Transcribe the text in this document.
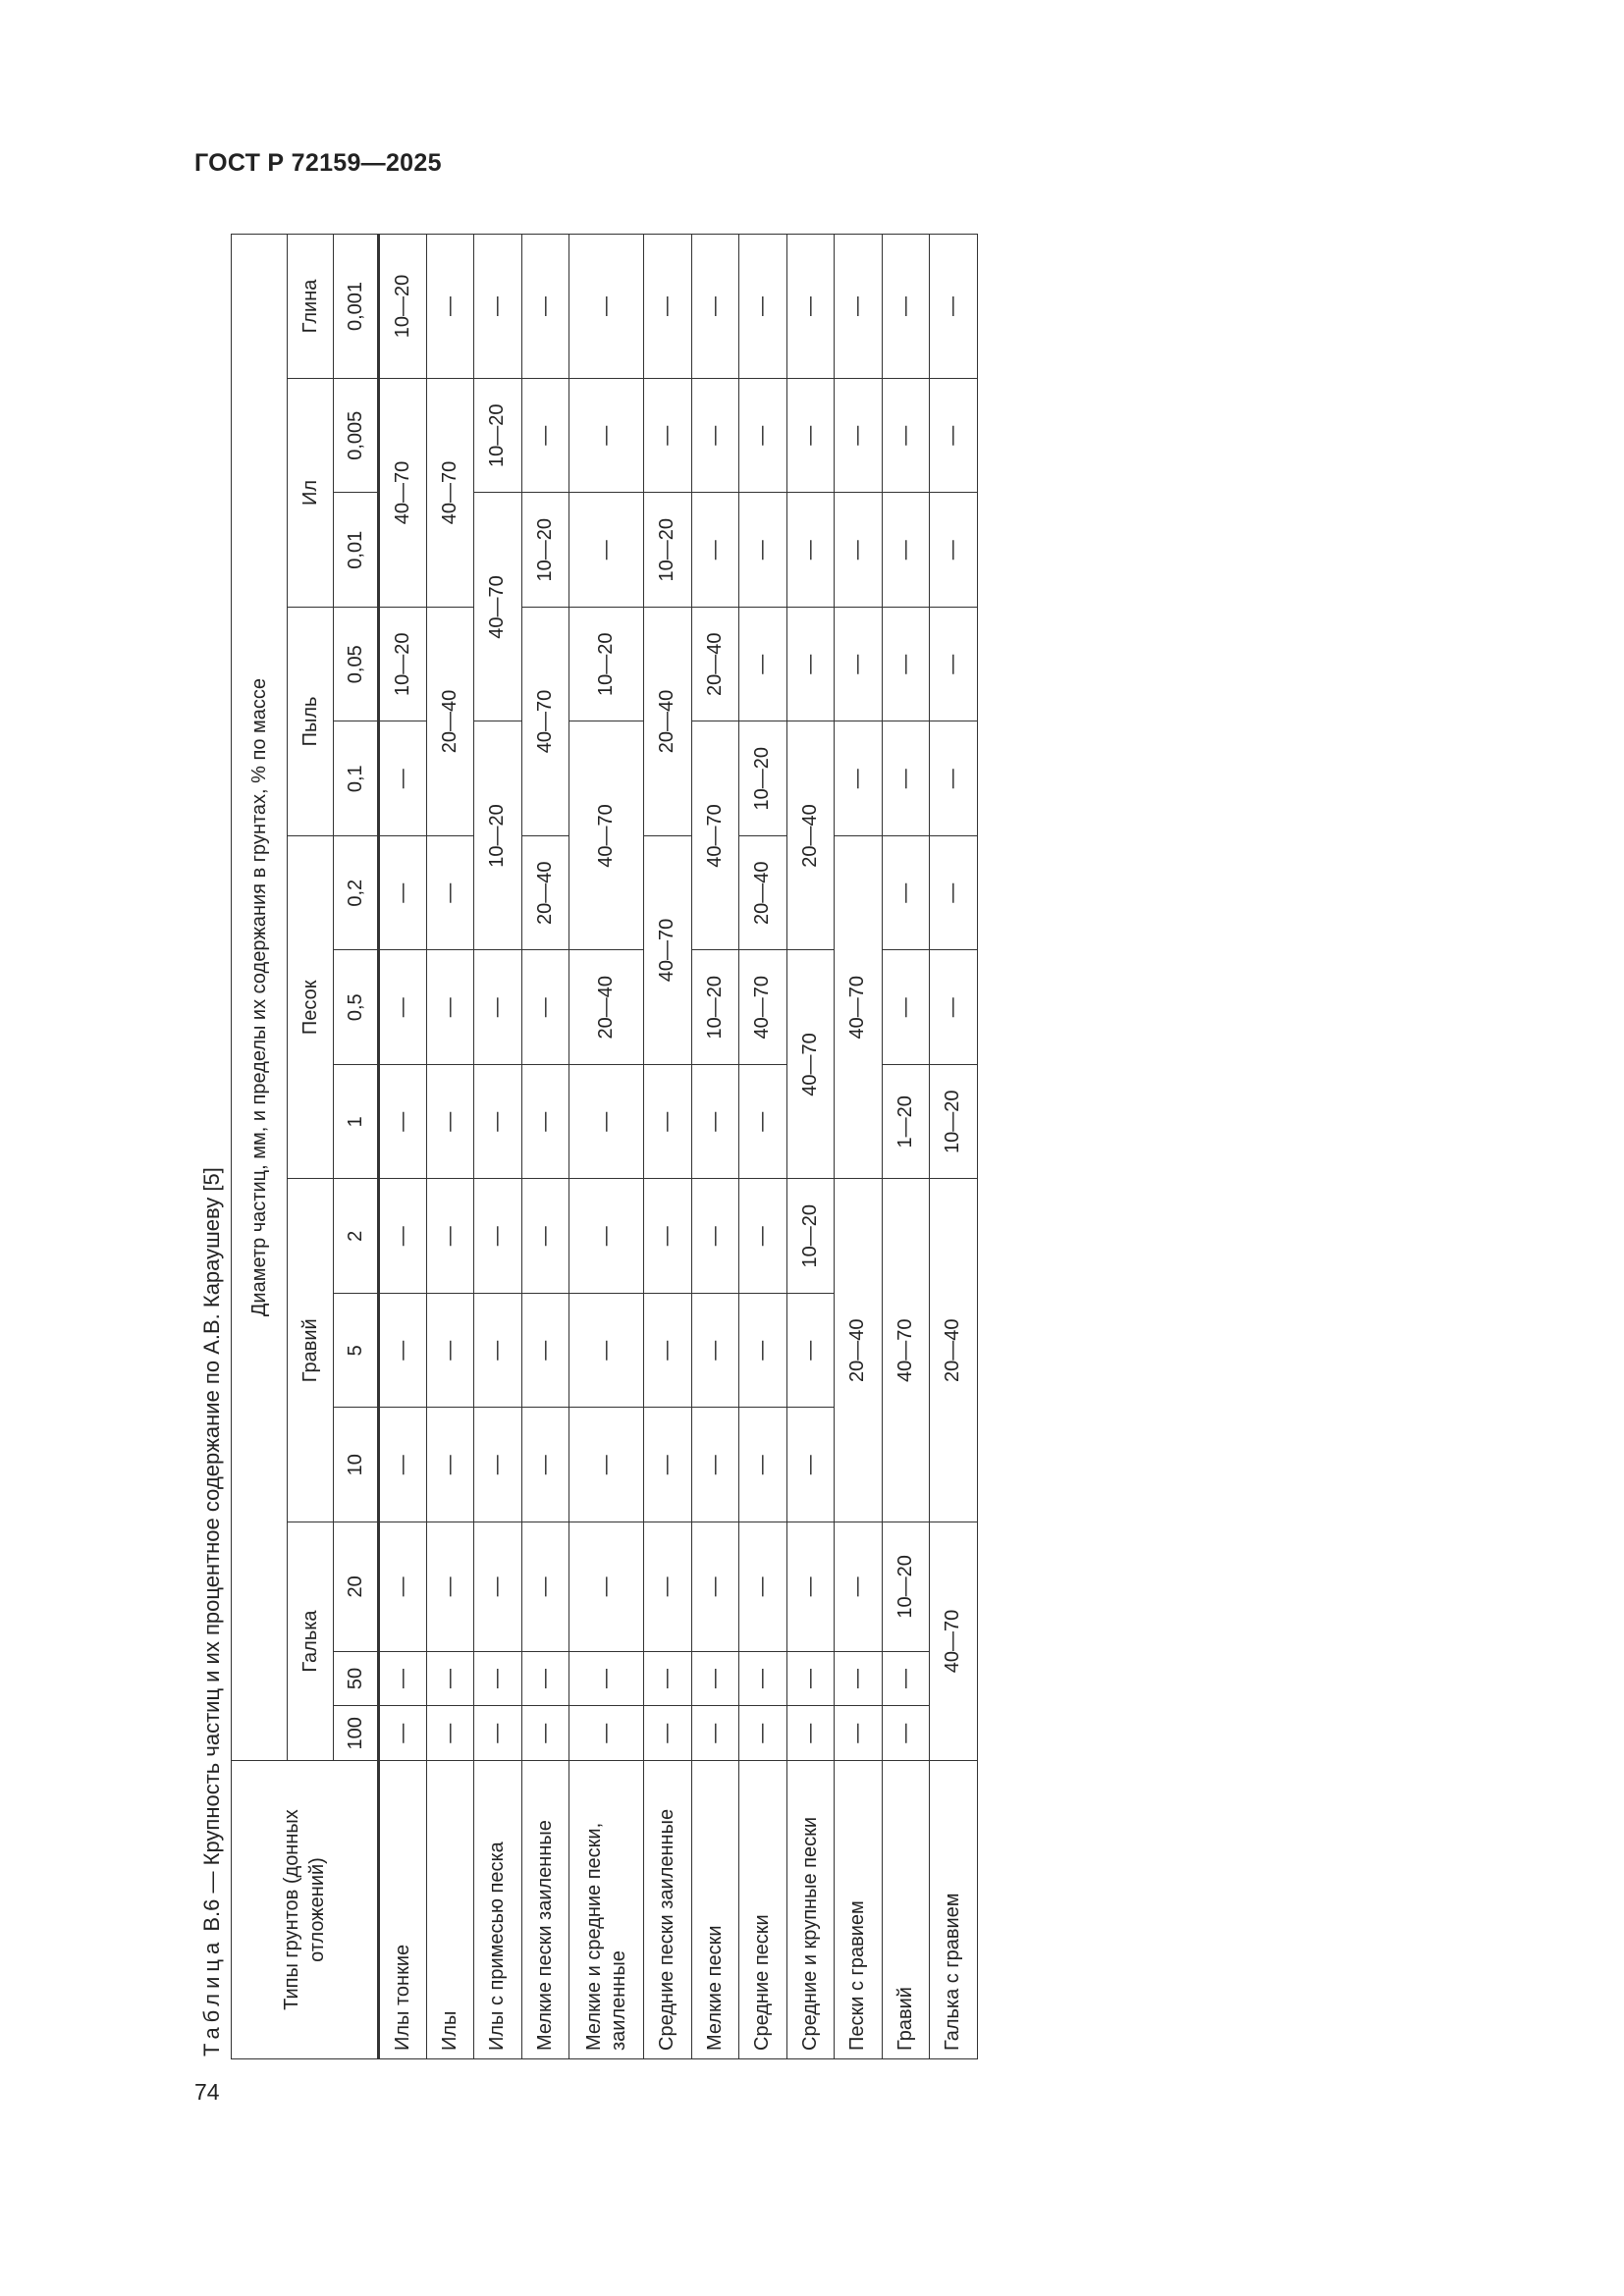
ГОСТ Р 72159—2025
74
Таблица В.6 — Крупность частиц и их процентное содержание по А.В. Караушеву [5]	Типы грунтов (донных отложений)	Диаметр частиц, мм, и пределы их содержания в грунтах, % по массе													
	Галька			Гравий			Песок			Пыль		Ил		Глина
	100	50	20	10	5	2	1	0,5	0,2	0,1	0,05	0,01	0,005	0,001
Илы тонкие	—	—	—	—	—	—	—	—	—	—	10—20	40—70		10—20
Илы	—	—	—	—	—	—	—	—	—	20—40		40—70		—
Илы с примесью песка	—	—	—	—	—	—	—	—	10—20		40—70		10—20	—
Мелкие пески заиленные	—	—	—	—	—	—	—	—	20—40	40—70		10—20	—	—
Мелкие и средние пески, заиленные	—	—	—	—	—	—	—	20—40	40—70		10—20	—	—	—
Средние пески заиленные	—	—	—	—	—	—	—	40—70		20—40		10—20	—	—
Мелкие пески	—	—	—	—	—	—	—	10—20	40—70		20—40	—	—	—
Средние пески	—	—	—	—	—	—	—	40—70	20—40	10—20	—	—	—	—
Средние и крупные пески	—	—	—	—	—	10—20	40—70		20—40		—	—	—	—
Пески с гравием	—	—	—	20—40			40—70			—	—	—	—	—
Гравий	—	—	10—20	40—70			1—20	—	—	—	—	—	—	—
Галька с гравием	40—70			20—40			10—20	—	—	—	—	—	—	—
